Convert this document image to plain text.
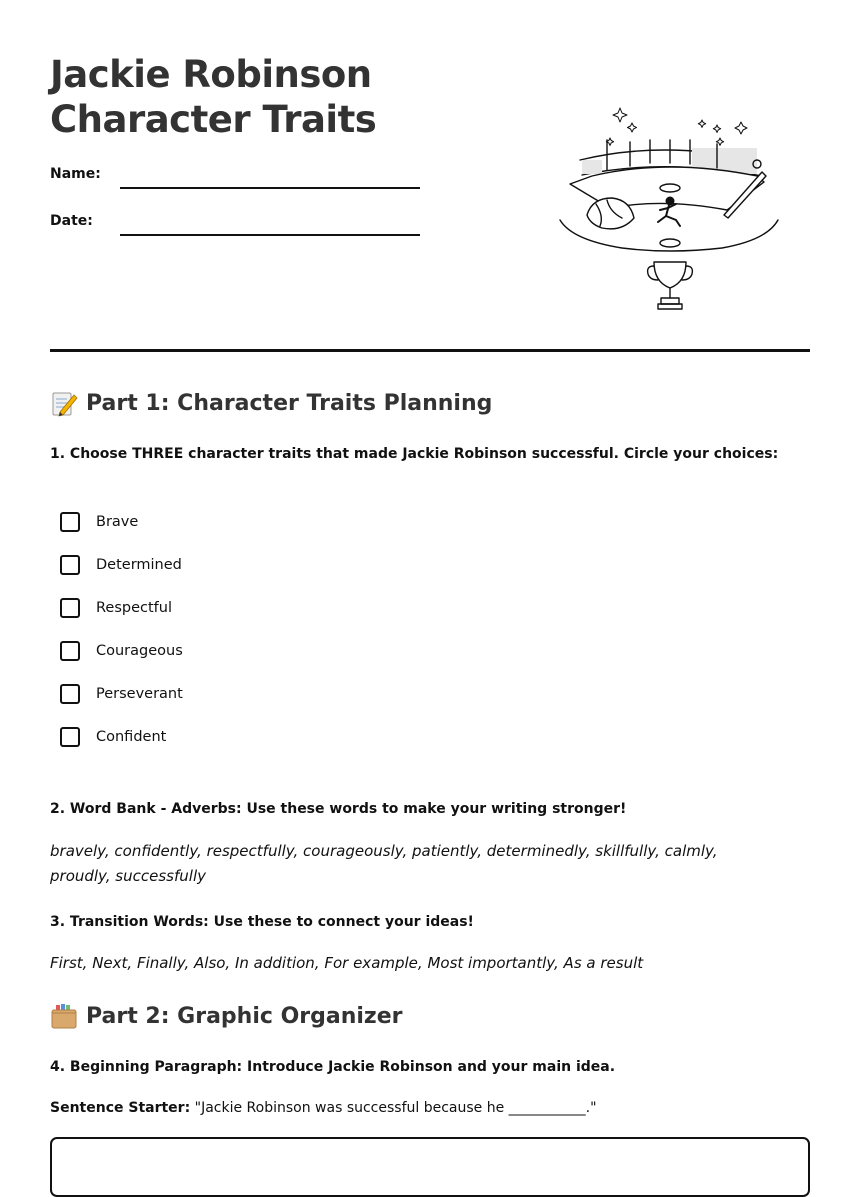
Jackie Robinson
Character Traits
Name:
Date:
Part 1: Character Traits Planning

1. Choose THREE character traits that made Jackie Robinson successful. Circle your choices:

Brave
Determined
Respectful
Courageous
Perseverant
Confident

2. Word Bank - Adverbs: Use these words to make your writing stronger!

bravely, confidently, respectfully, courageously, patiently, determinedly, skillfully, calmly, proudly, successfully

3. Transition Words: Use these to connect your ideas!

First, Next, Finally, Also, In addition, For example, Most importantly, As a result

Part 2: Graphic Organizer

4. Beginning Paragraph: Introduce Jackie Robinson and your main idea.

Sentence Starter: "Jackie Robinson was successful because he ___________."
